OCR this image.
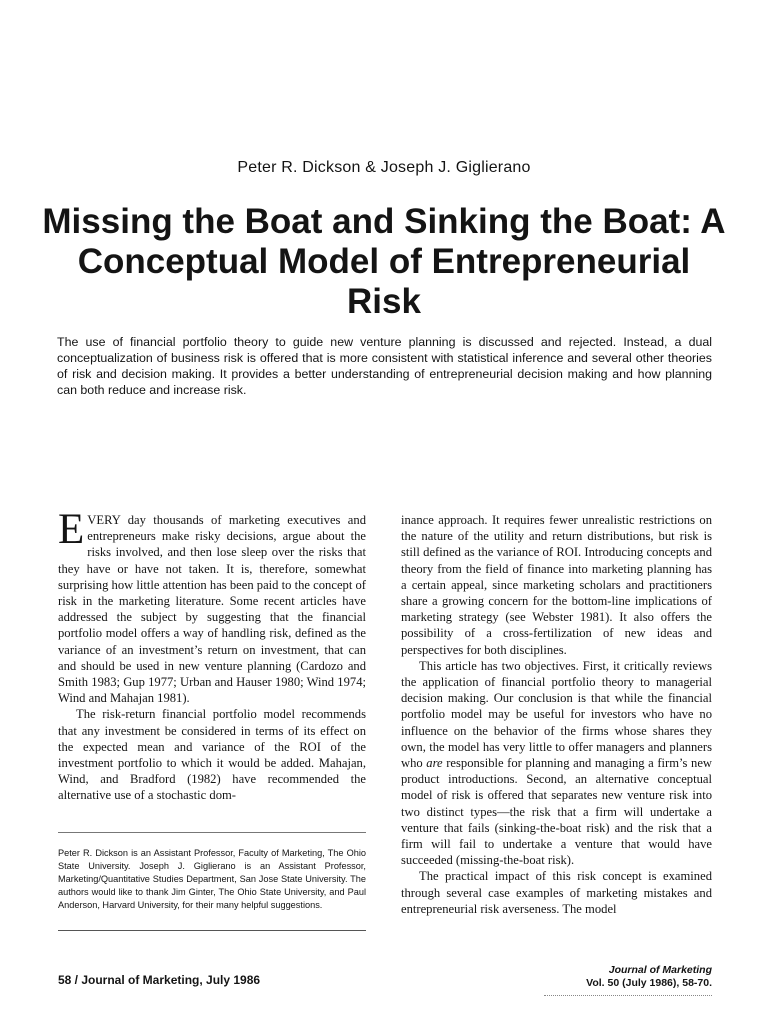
Peter R. Dickson & Joseph J. Giglierano
Missing the Boat and Sinking the Boat: A Conceptual Model of Entrepreneurial Risk

The use of financial portfolio theory to guide new venture planning is discussed and rejected. Instead, a dual conceptualization of business risk is offered that is more consistent with statistical inference and several other theories of risk and decision making. It provides a better understanding of entrepreneurial decision making and how planning can both reduce and increase risk.

EVERY day thousands of marketing executives and entrepreneurs make risky decisions, argue about the risks involved, and then lose sleep over the risks that they have or have not taken. It is, therefore, somewhat surprising how little attention has been paid to the concept of risk in the marketing literature. Some recent articles have addressed the subject by suggesting that the financial portfolio model offers a way of handling risk, defined as the variance of an investment’s return on investment, that can and should be used in new venture planning (Cardozo and Smith 1983; Gup 1977; Urban and Hauser 1980; Wind 1974; Wind and Mahajan 1981).

The risk-return financial portfolio model recommends that any investment be considered in terms of its effect on the expected mean and variance of the ROI of the investment portfolio to which it would be added. Mahajan, Wind, and Bradford (1982) have recommended the alternative use of a stochastic dom-

inance approach. It requires fewer unrealistic restrictions on the nature of the utility and return distributions, but risk is still defined as the variance of ROI. Introducing concepts and theory from the field of finance into marketing planning has a certain appeal, since marketing scholars and practitioners share a growing concern for the bottom-line implications of marketing strategy (see Webster 1981). It also offers the possibility of a cross-fertilization of new ideas and perspectives for both disciplines.

This article has two objectives. First, it critically reviews the application of financial portfolio theory to managerial decision making. Our conclusion is that while the financial portfolio model may be useful for investors who have no influence on the behavior of the firms whose shares they own, the model has very little to offer managers and planners who are responsible for planning and managing a firm’s new product introductions. Second, an alternative conceptual model of risk is offered that separates new venture risk into two distinct types—the risk that a firm will undertake a venture that fails (sinking-the-boat risk) and the risk that a firm will fail to undertake a venture that would have succeeded (missing-the-boat risk).

The practical impact of this risk concept is examined through several case examples of marketing mistakes and entrepreneurial risk averseness. The model

Peter R. Dickson is an Assistant Professor, Faculty of Marketing, The Ohio State University. Joseph J. Giglierano is an Assistant Professor, Marketing/Quantitative Studies Department, San Jose State University. The authors would like to thank Jim Ginter, The Ohio State University, and Paul Anderson, Harvard University, for their many helpful suggestions.

58 / Journal of Marketing, July 1986
Journal of Marketing
Vol. 50 (July 1986), 58-70.
